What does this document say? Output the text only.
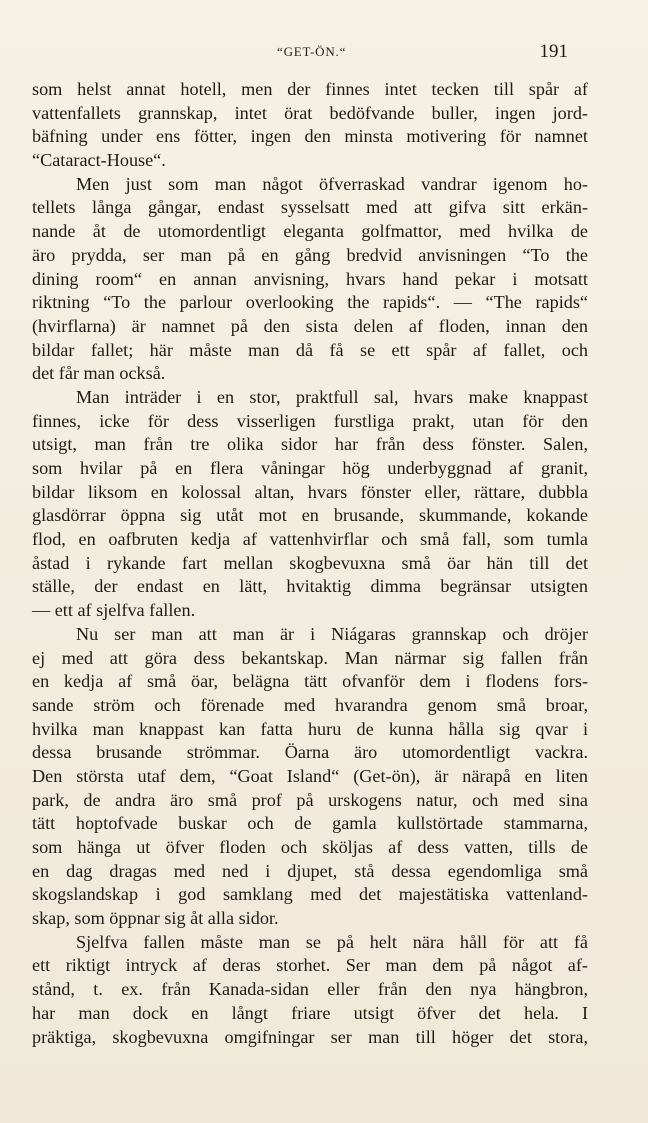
“GET-ÖN.“	191
som helst annat hotell, men der finnes intet tecken till spår af
vattenfallets grannskap, intet örat bedöfvande buller, ingen jord-
bäfning under ens fötter, ingen den minsta motivering för namnet
“Cataract-House“.
Men just som man något öfverraskad vandrar igenom ho-
tellets långa gångar, endast sysselsatt med att gifva sitt erkän-
nande åt de utomordentligt eleganta golfmattor, med hvilka de
äro prydda, ser man på en gång bredvid anvisningen “To the
dining room“ en annan anvisning, hvars hand pekar i motsatt
riktning “To the parlour overlooking the rapids“. — “The rapids“
(hvirflarna) är namnet på den sista delen af floden, innan den
bildar fallet; här måste man då få se ett spår af fallet, och
det får man också.
Man inträder i en stor, praktfull sal, hvars make knappast
finnes, icke för dess visserligen furstliga prakt, utan för den
utsigt, man från tre olika sidor har från dess fönster. Salen,
som hvilar på en flera våningar hög underbyggnad af granit,
bildar liksom en kolossal altan, hvars fönster eller, rättare, dubbla
glasdörrar öppna sig utåt mot en brusande, skummande, kokande
flod, en oafbruten kedja af vattenhvirflar och små fall, som tumla
åstad i rykande fart mellan skogbevuxna små öar hän till det
ställe, der endast en lätt, hvitaktig dimma begränsar utsigten
— ett af sjelfva fallen.
Nu ser man att man är i Niágaras grannskap och dröjer
ej med att göra dess bekantskap. Man närmar sig fallen från
en kedja af små öar, belägna tätt ofvanför dem i flodens fors-
sande ström och förenade med hvarandra genom små broar,
hvilka man knappast kan fatta huru de kunna hålla sig qvar i
dessa brusande strömmar. Öarna äro utomordentligt vackra.
Den största utaf dem, “Goat Island“ (Get-ön), är närapå en liten
park, de andra äro små prof på urskogens natur, och med sina
tätt hoptofvade buskar och de gamla kullstörtade stammarna,
som hänga ut öfver floden och sköljas af dess vatten, tills de
en dag dragas med ned i djupet, stå dessa egendomliga små
skogslandskap i god samklang med det majestätiska vattenland-
skap, som öppnar sig åt alla sidor.
Sjelfva fallen måste man se på helt nära håll för att få
ett riktigt intryck af deras storhet. Ser man dem på något af-
stånd, t. ex. från Kanada-sidan eller från den nya hängbron,
har man dock en långt friare utsigt öfver det hela. I
präktiga, skogbevuxna omgifningar ser man till höger det stora,
